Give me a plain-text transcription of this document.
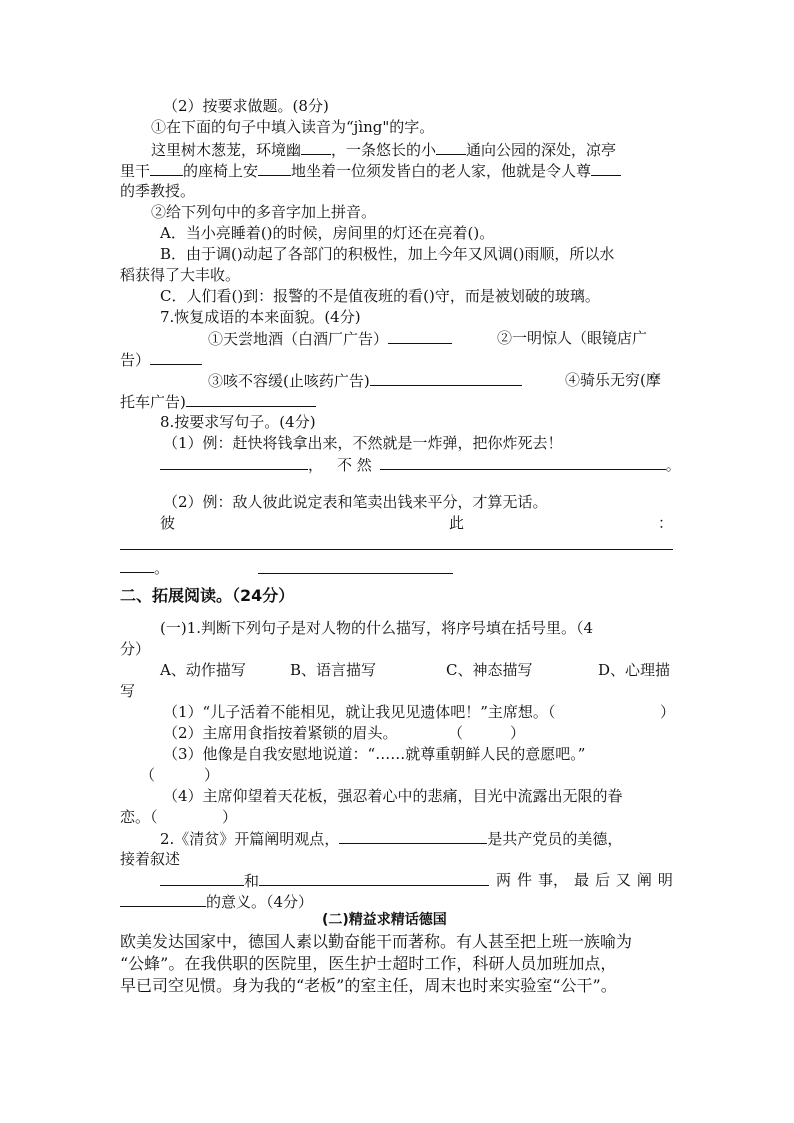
（2）按要求做题。(8分)

①在下面的句子中填入读音为“jìng"的字。

这里树木葱茏，环境幽 ，一条悠长的小 通向公园的深处，凉亭

里干 的座椅上安 地坐着一位须发皆白的老人家，他就是令人尊

的季教授。

②给下列句中的多音字加上拼音。

A．当小亮睡着()的时候，房间里的灯还在亮着()。

B．由于调()动起了各部门的积极性，加上今年又风调()雨顺，所以水

稻获得了大丰收。

C．人们看()到：报警的不是值夜班的看()守，而是被划破的玻璃。

7.恢复成语的本来面貌。(4分)

①天尝地酒（白酒厂广告）	②一明惊人（眼镜店广

告）

③咳不容缓(止咳药广告)	④骑乐无穷(摩

托车广告)

8.按要求写句子。(4分)

（1）例：赶快将钱拿出来，不然就是一炸弹，把你炸死去！

， 不 然	。

（2）例：敌人彼此说定表和笔卖出钱来平分，才算无话。

彼	此	：

。

二、拓展阅读。（24分）

(一)1.判断下列句子是对人物的什么描写，将序号填在括号里。（4

分）

A、动作描写	B、语言描写	C、神态描写	D、心理描

写

（1）“儿子活着不能相见，就让我见见遗体吧！”主席想。（	）

（2）主席用食指按着紧锁的眉头。	（	）

（3）他像是自我安慰地说道：“……就尊重朝鲜人民的意愿吧。”

（	）

（4）主席仰望着天花板，强忍着心中的悲痛，目光中流露出无限的眷

恋。（	）

2.《清贫》开篇阐明观点，	是共产党员的美德，

接着叙述

和	两 件 事， 最 后 又 阐 明

的意义。（4分）

(二)精益求精话德国

欧美发达国家中，德国人素以勤奋能干而著称。有人甚至把上班一族喻为

“公蜂”。在我供职的医院里，医生护士超时工作，科研人员加班加点，

早已司空见惯。身为我的“老板”的室主任，周末也时来实验室“公干”。
